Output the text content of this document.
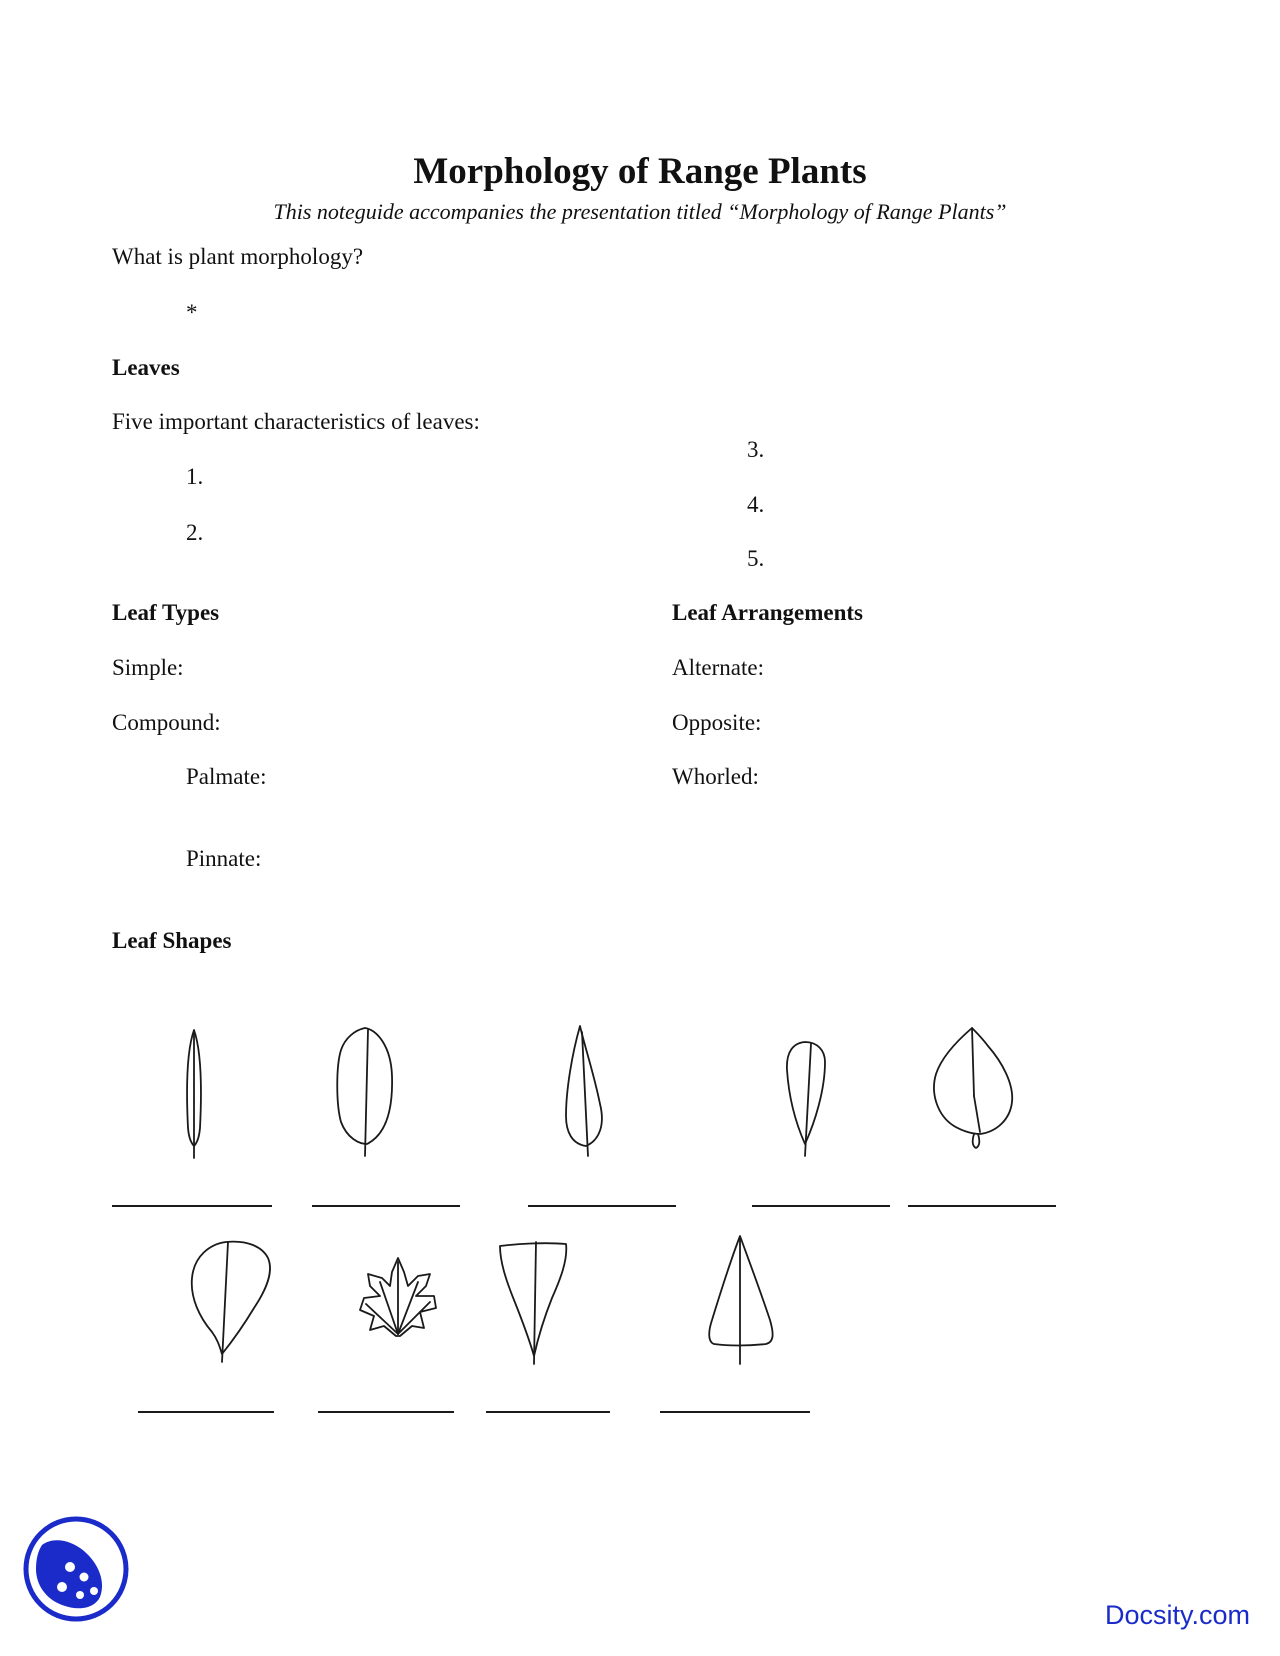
Morphology of Range Plants
This noteguide accompanies the presentation titled “Morphology of Range Plants”
What is plant morphology?
*
Leaves
Five important characteristics of leaves:
1.
2.
3.
4.
5.
Leaf Types
Simple:
Compound:
Palmate:
Pinnate:
Leaf Arrangements
Alternate:
Opposite:
Whorled:
Leaf Shapes
Docsity.com
